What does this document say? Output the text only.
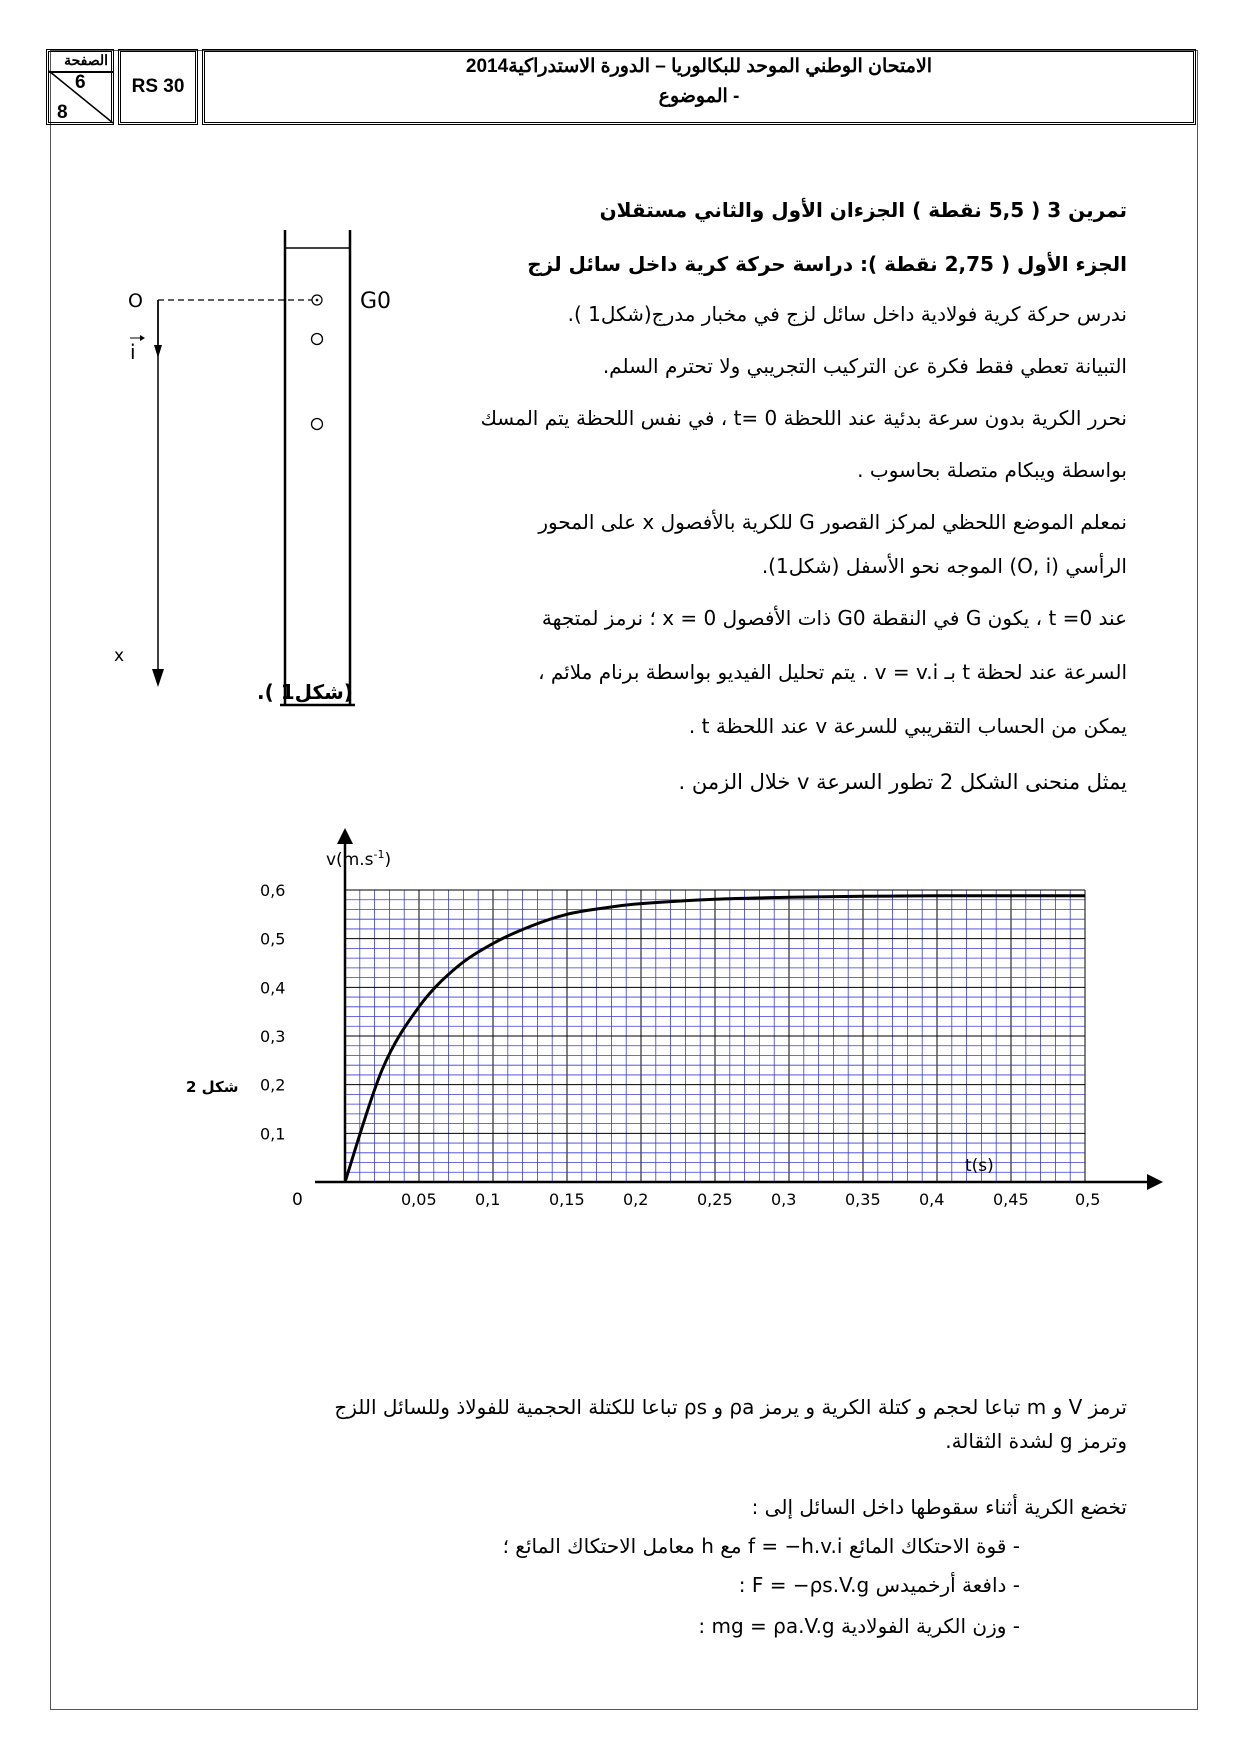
الصفحة
6
8
RS 30
الامتحان الوطني الموحد للبكالوريا – الدورة الاستدراكية2014
- الموضوع
تمرين 3 ( 5,5 نقطة ) الجزءان الأول والثاني مستقلان
الجزء الأول ( 2,75 نقطة ): دراسة حركة كرية داخل سائل لزج
ندرس حركة كرية فولادية داخل سائل لزج في مخبار مدرج(شكل1 ).
التبيانة تعطي فقط فكرة عن التركيب التجريبي ولا تحترم السلم.
نحرر الكرية بدون سرعة بدئية عند اللحظة t= 0 ، في نفس اللحظة يتم المسك
بواسطة ويبكام متصلة بحاسوب .
نمعلم الموضع اللحظي لمركز القصور G للكرية بالأفصول x على المحور
الرأسي (O, i) الموجه نحو الأسفل (شكل1).
عند t =0 ، يكون G في النقطة G0 ذات الأفصول x = 0 ؛ نرمز لمتجهة
السرعة عند لحظة t بـ v = v.i . يتم تحليل الفيديو بواسطة برنام ملائم ،
يمكن من الحساب التقريبي للسرعة v عند اللحظة t .
يمثل منحنى الشكل 2 تطور السرعة v خلال الزمن .
O
i
G0
x
(شكل1 ).
0,05 0,1	0,15 0,2	0,25 0,3	0,35 0,4	0,45	0,5
0,1
0,2
0,3
0,4
0,5
0,6
شكل 2
$v(m.s^{-1})$
t(s)
0
ترمز V و m تباعا لحجم و كتلة الكرية و يرمز ρa و ρs تباعا للكتلة الحجمية للفولاذ وللسائل اللزج
وترمز g لشدة الثقالة.
تخضع الكرية أثناء سقوطها داخل السائل إلى :
- قوة الاحتكاك المائع f = −h.v.i مع h معامل الاحتكاك المائع ؛
- دافعة أرخميدس F = −ρs.V.g :
- وزن الكرية الفولادية mg = ρa.V.g :
